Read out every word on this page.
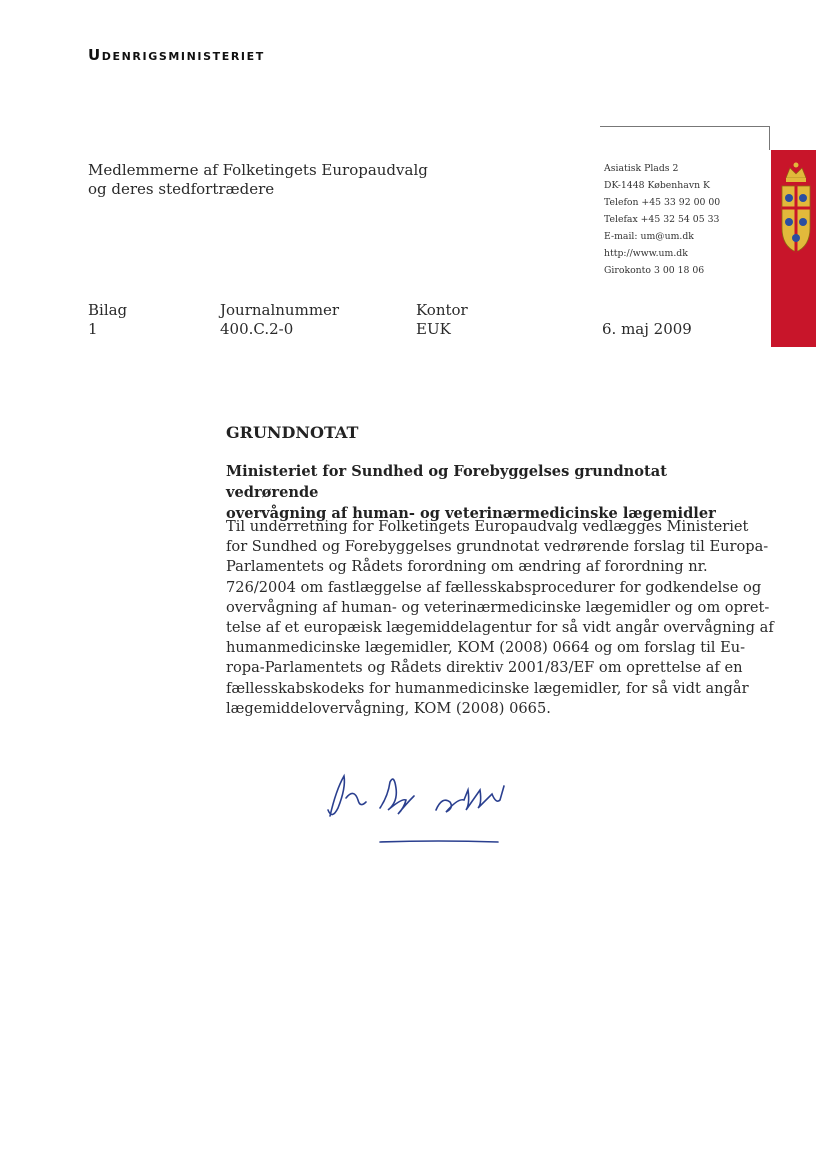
Udenrigsministeriet
Medlemmerne af Folketingets Europaudvalg
og deres stedfortrædere
Asiatisk Plads 2
DK-1448 København K
Telefon +45 33 92 00 00
Telefax +45 32 54 05 33
E-mail: um@um.dk
http://www.um.dk
Girokonto 3 00 18 06
Bilag
1
Journalnummer
400.C.2-0
Kontor
EUK	6. maj 2009
GRUNDNOTAT
Ministeriet for Sundhed og Forebyggelses grundnotat vedrørende
overvågning af human- og veterinærmedicinske lægemidler
Til underretning for Folketingets Europaudvalg vedlægges Ministeriet
for Sundhed og Forebyggelses grundnotat vedrørende forslag til Europa-
Parlamentets og Rådets forordning om ændring af forordning nr.
726/2004 om fastlæggelse af fællesskabsprocedurer for godkendelse og
overvågning af human- og veterinærmedicinske lægemidler og om opret-
telse af et europæisk lægemiddelagentur for så vidt angår overvågning af
humanmedicinske lægemidler, KOM (2008) 0664 og om forslag til Eu-
ropa-Parlamentets og Rådets direktiv 2001/83/EF om oprettelse af en
fællesskabskodeks for humanmedicinske lægemidler, for så vidt angår
lægemiddelovervågning, KOM (2008) 0665.
